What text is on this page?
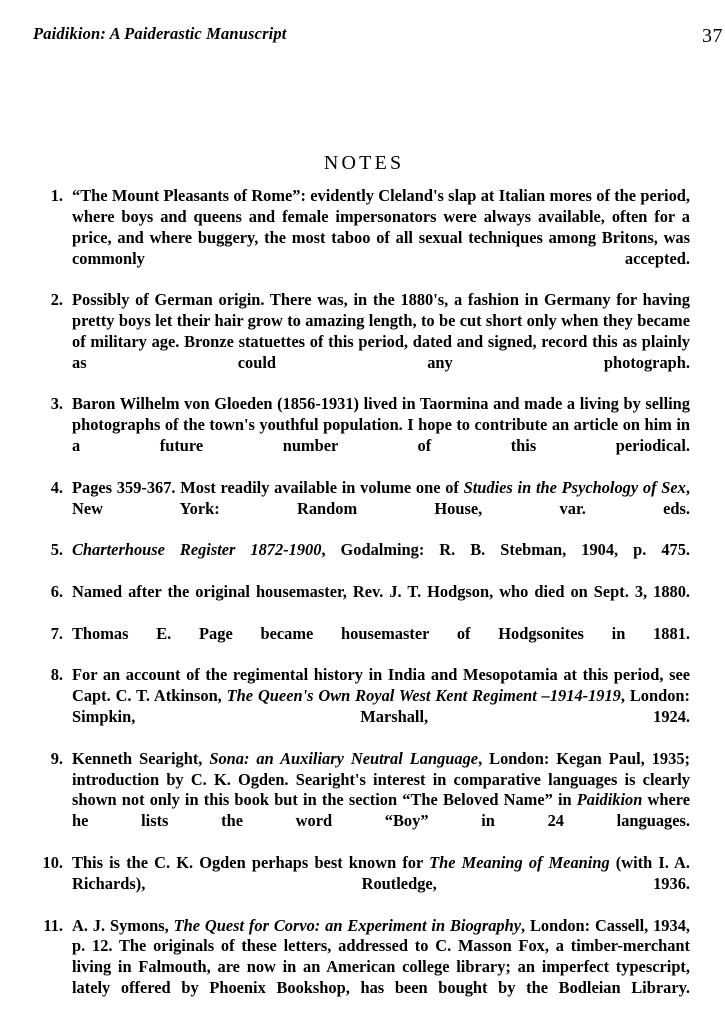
Paidikion: A Paiderastic Manuscript	37
NOTES
1. “The Mount Pleasants of Rome”: evidently Cleland's slap at Italian mores of the period, where boys and queens and female impersonators were always available, often for a price, and where buggery, the most taboo of all sexual techniques among Britons, was commonly accepted.
2. Possibly of German origin. There was, in the 1880's, a fashion in Germany for having pretty boys let their hair grow to amazing length, to be cut short only when they became of military age. Bronze statuettes of this period, dated and signed, record this as plainly as could any photograph.
3. Baron Wilhelm von Gloeden (1856-1931) lived in Taormina and made a living by selling photographs of the town's youthful population. I hope to contribute an article on him in a future number of this periodical.
4. Pages 359-367. Most readily available in volume one of Studies in the Psychology of Sex, New York: Random House, var. eds.
5. Charterhouse Register 1872-1900, Godalming: R. B. Stebman, 1904, p. 475.
6. Named after the original housemaster, Rev. J. T. Hodgson, who died on Sept. 3, 1880.
7. Thomas E. Page became housemaster of Hodgsonites in 1881.
8. For an account of the regimental history in India and Mesopotamia at this period, see Capt. C. T. Atkinson, The Queen's Own Royal West Kent Regiment –1914-1919, London: Simpkin, Marshall, 1924.
9. Kenneth Searight, Sona: an Auxiliary Neutral Language, London: Kegan Paul, 1935; introduction by C. K. Ogden. Searight's interest in comparative languages is clearly shown not only in this book but in the section “The Beloved Name” in Paidikion where he lists the word “Boy” in 24 languages.
10. This is the C. K. Ogden perhaps best known for The Meaning of Meaning (with I. A. Richards), Routledge, 1936.
11. A. J. Symons, The Quest for Corvo: an Experiment in Biography, London: Cassell, 1934, p. 12. The originals of these letters, addressed to C. Masson Fox, a timber-merchant living in Falmouth, are now in an American college library; an imperfect typescript, lately offered by Phoenix Bookshop, has been bought by the Bodleian Library.
